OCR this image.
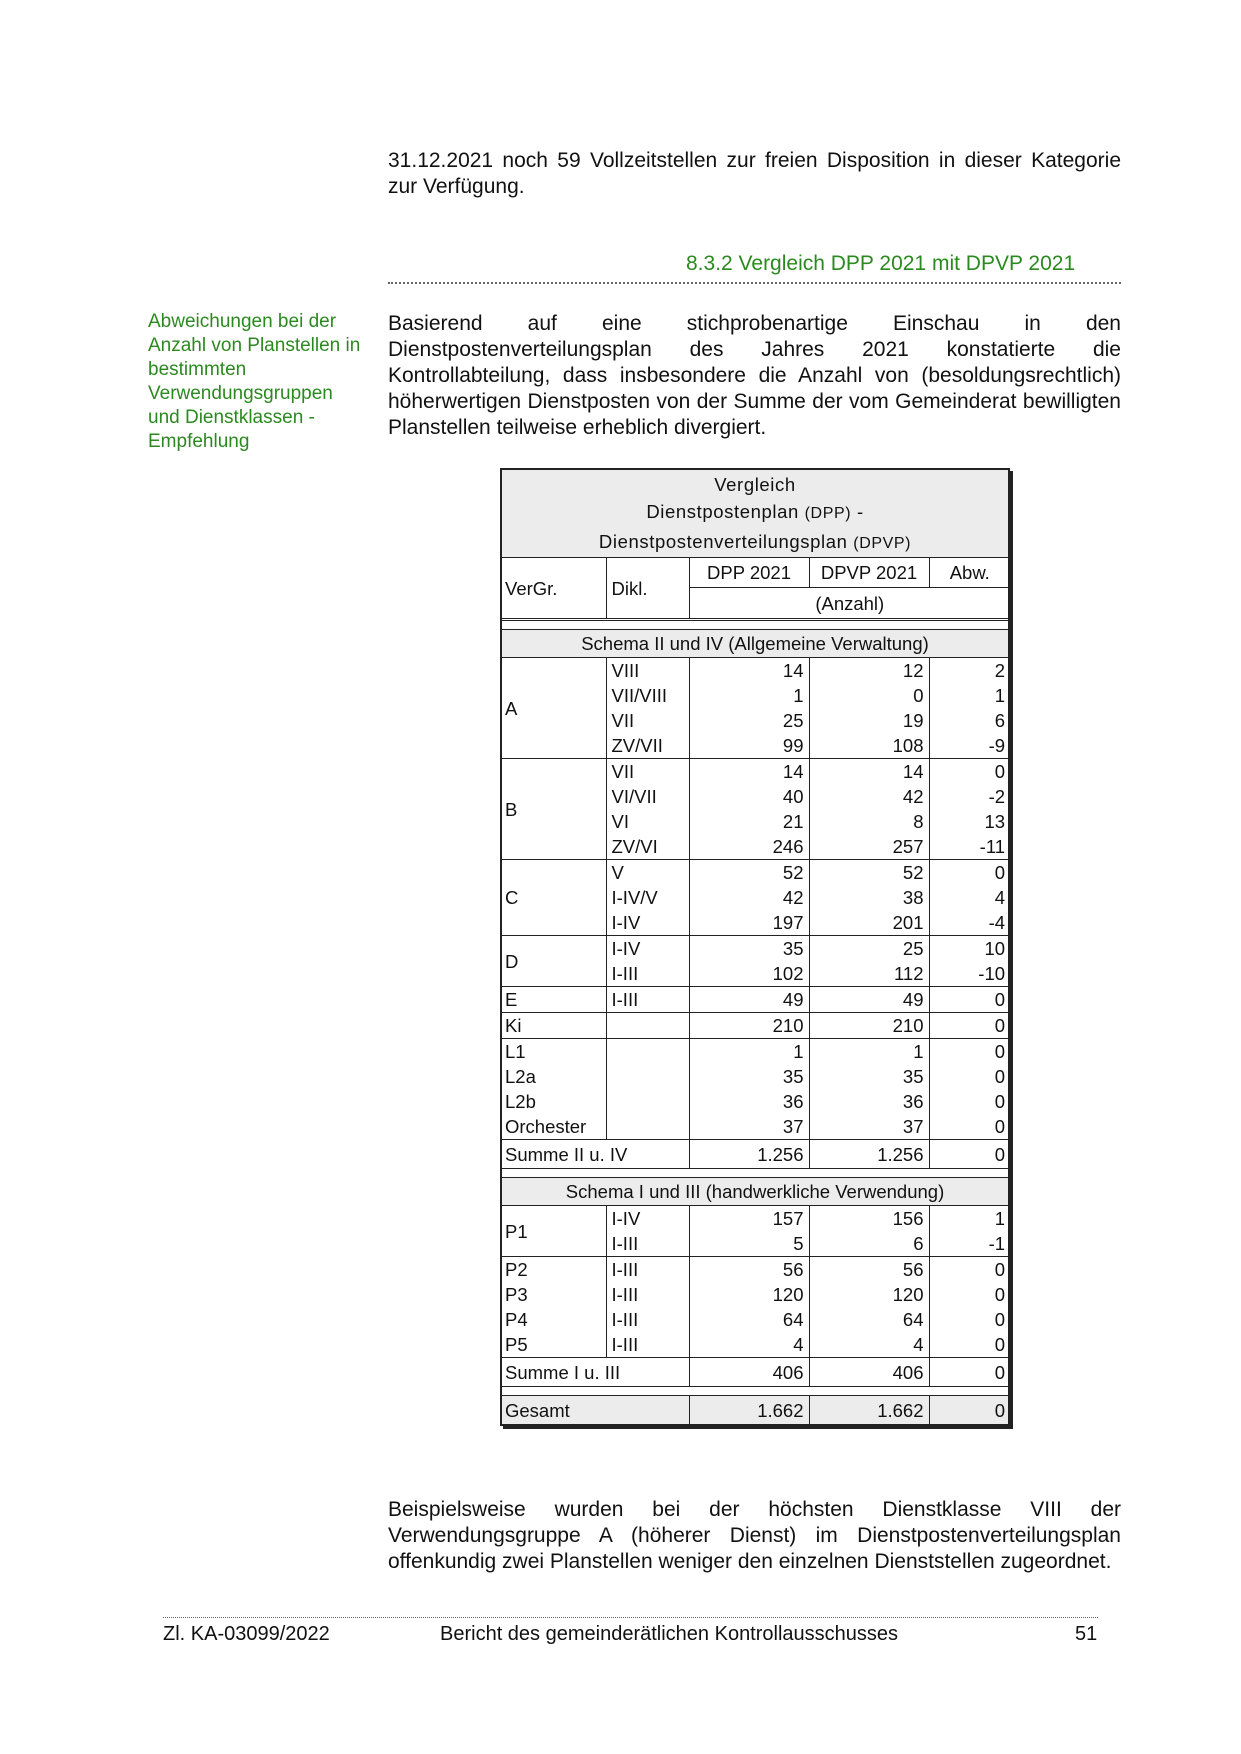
31.12.2021 noch 59 Vollzeitstellen zur freien Disposition in dieser Kategorie zur Verfügung.
8.3.2 Vergleich DPP 2021 mit DPVP 2021
Abweichungen bei der Anzahl von Planstellen in bestimmten Verwendungsgruppen und Dienstklassen - Empfehlung
Basierend auf eine stichprobenartige Einschau in den Dienstpostenverteilungsplan des Jahres 2021 konstatierte die Kontrollabteilung, dass insbesondere die Anzahl von (besoldungsrechtlich) höherwertigen Dienstposten von der Summe der vom Gemeinderat bewilligten Planstellen teilweise erheblich divergiert.
Vergleich				
Dienstpostenplan (DPP) -				
Dienstpostenverteilungsplan (DPVP)				
VerGr.	Dikl.	DPP 2021	DPVP 2021	Abw.
		(Anzahl)		

Schema II und IV (Allgemeine Verwaltung)				
A	VIII	14	12	2
	VII/VIII	1	0	1
	VII	25	19	6
	ZV/VII	99	108	-9
B	VII	14	14	0
	VI/VII	40	42	-2
	VI	21	8	13
	ZV/VI	246	257	-11
C	V	52	52	0
	I-IV/V	42	38	4
	I-IV	197	201	-4
D	I-IV	35	25	10
	I-III	102	112	-10
E	I-III	49	49	0
Ki		210	210	0
L1		1	1	0
L2a		35	35	0
L2b		36	36	0
Orchester		37	37	0
Summe II u. IV		1.256	1.256	0

Schema I und III (handwerkliche Verwendung)				
P1	I-IV	157	156	1
	I-III	5	6	-1
P2	I-III	56	56	0
P3	I-III	120	120	0
P4	I-III	64	64	0
P5	I-III	4	4	0
Summe I u. III		406	406	0

Gesamt		1.662	1.662	0
Beispielsweise wurden bei der höchsten Dienstklasse VIII der Verwendungsgruppe A (höherer Dienst) im Dienstpostenverteilungsplan offenkundig zwei Planstellen weniger den einzelnen Dienststellen zugeordnet.
Zl. KA-03099/2022	Bericht des gemeinderätlichen Kontrollausschusses	51
